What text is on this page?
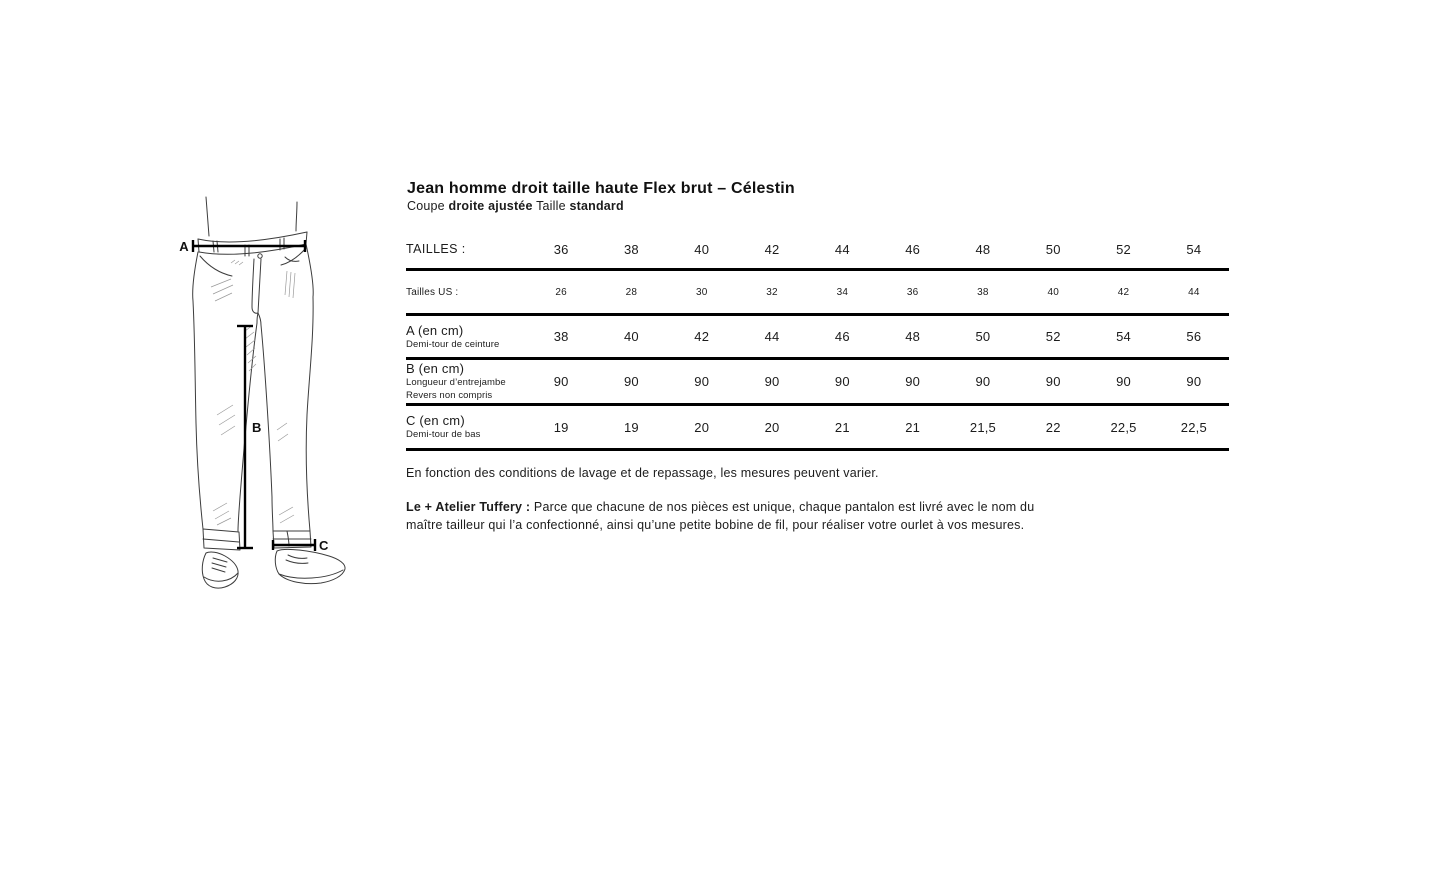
A
B
C
Jean homme droit taille haute Flex brut – Célestin
Coupe droite ajustée Taille standard
TAILLES :	36	38	40	42	44	46	48	50	52	54
Tailles US :	26	28	30	32	34	36	38	40	42	44
A (en cm)
Demi-tour de ceinture	38	40	42	44	46	48	50	52	54	56
B (en cm)
Longueur d’entrejambe
Revers non compris
90	90	90	90	90	90	90	90	90	90
C (en cm)
Demi-tour de bas	19	19	20	20	21	21	21,5	22	22,5	22,5
En fonction des conditions de lavage et de repassage, les mesures peuvent varier.
Le + Atelier Tuffery : Parce que chacune de nos pièces est unique, chaque pantalon est livré avec le nom du maître tailleur qui l’a confectionné, ainsi qu’une petite bobine de fil, pour réaliser votre ourlet à vos mesures.
